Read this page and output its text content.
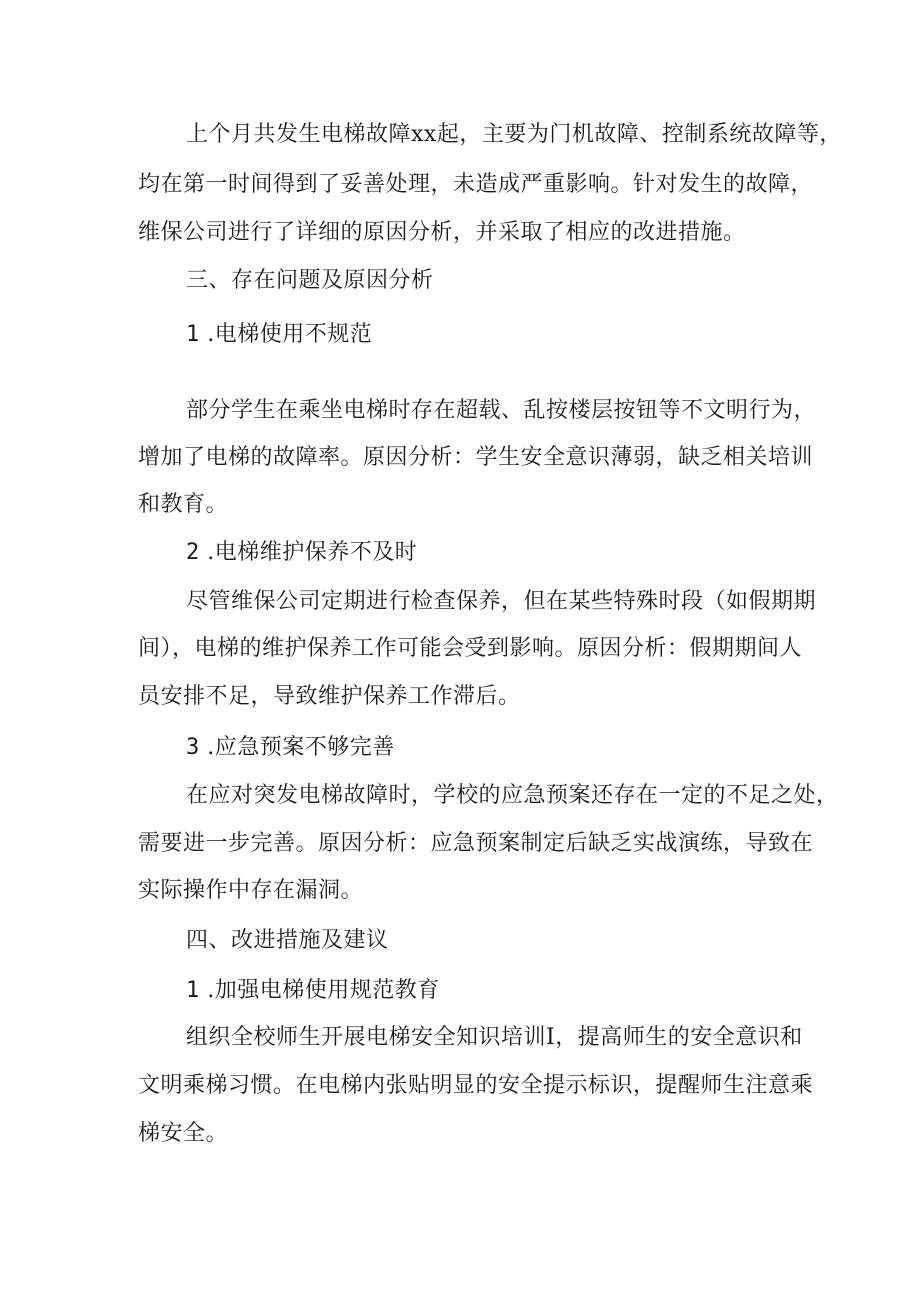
上个月共发生电梯故障xx起，主要为门机故障、控制系统故障等，
均在第一时间得到了妥善处理，未造成严重影响。针对发生的故障，
维保公司进行了详细的原因分析，并采取了相应的改进措施。
三、存在问题及原因分析
1 .电梯使用不规范
部分学生在乘坐电梯时存在超载、乱按楼层按钮等不文明行为，
增加了电梯的故障率。原因分析：学生安全意识薄弱，缺乏相关培训
和教育。
2 .电梯维护保养不及时
尽管维保公司定期进行检查保养，但在某些特殊时段（如假期期
间），电梯的维护保养工作可能会受到影响。原因分析：假期期间人
员安排不足，导致维护保养工作滞后。
3 .应急预案不够完善
在应对突发电梯故障时，学校的应急预案还存在一定的不足之处，
需要进一步完善。原因分析：应急预案制定后缺乏实战演练，导致在
实际操作中存在漏洞。
四、改进措施及建议
1 .加强电梯使用规范教育
组织全校师生开展电梯安全知识培训I，提高师生的安全意识和
文明乘梯习惯。在电梯内张贴明显的安全提示标识，提醒师生注意乘
梯安全。
